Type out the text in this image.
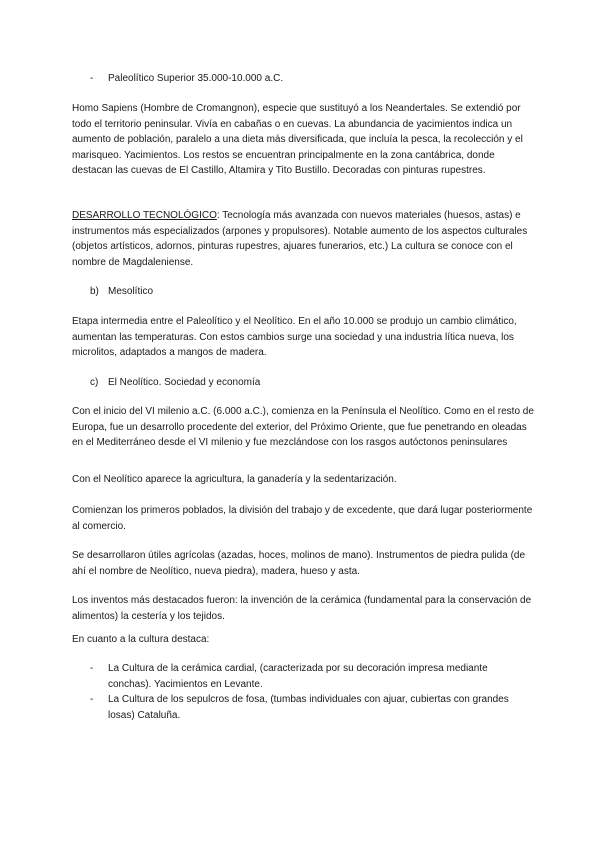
- Paleolítico Superior 35.000-10.000 a.C.

Homo Sapiens (Hombre de Cromangnon), especie que sustituyó a los Neandertales. Se extendió por todo el territorio peninsular. Vivía en cabañas o en cuevas. La abundancia de yacimientos indica un aumento de población, paralelo a una dieta más diversificada, que incluía la pesca, la recolección y el marisqueo. Yacimientos. Los restos se encuentran principalmente en la zona cantábrica, donde destacan las cuevas de El Castillo, Altamira y Tito Bustillo. Decoradas con pinturas rupestres.

DESARROLLO TECNOLÓGICO: Tecnología más avanzada con nuevos materiales (huesos, astas) e instrumentos más especializados (arpones y propulsores). Notable aumento de los aspectos culturales (objetos artísticos, adornos, pinturas rupestres, ajuares funerarios, etc.) La cultura se conoce con el nombre de Magdaleniense.

b) Mesolítico

Etapa intermedia entre el Paleolítico y el Neolítico. En el año 10.000 se produjo un cambio climático, aumentan las temperaturas. Con estos cambios surge una sociedad y una industria lítica nueva, los microlitos, adaptados a mangos de madera.

c) El Neolítico. Sociedad y economía

Con el inicio del VI milenio a.C. (6.000 a.C.), comienza en la Península el Neolítico. Como en el resto de Europa, fue un desarrollo procedente del exterior, del Próximo Oriente, que fue penetrando en oleadas en el Mediterráneo desde el VI milenio y fue mezclándose con los rasgos autóctonos peninsulares

Con el Neolítico aparece la agricultura, la ganadería y la sedentarización.

Comienzan los primeros poblados, la división del trabajo y de excedente, que dará lugar posteriormente al comercio.

Se desarrollaron útiles agrícolas (azadas, hoces, molinos de mano). Instrumentos de piedra pulida (de ahí el nombre de Neolítico, nueva piedra), madera, hueso y asta.

Los inventos más destacados fueron: la invención de la cerámica (fundamental para la conservación de alimentos) la cestería y los tejidos.

En cuanto a la cultura destaca:

-	La Cultura de la cerámica cardial, (caracterizada por su decoración impresa mediante conchas). Yacimientos en Levante.

-	La Cultura de los sepulcros de fosa, (tumbas individuales con ajuar, cubiertas con grandes losas) Cataluña.
